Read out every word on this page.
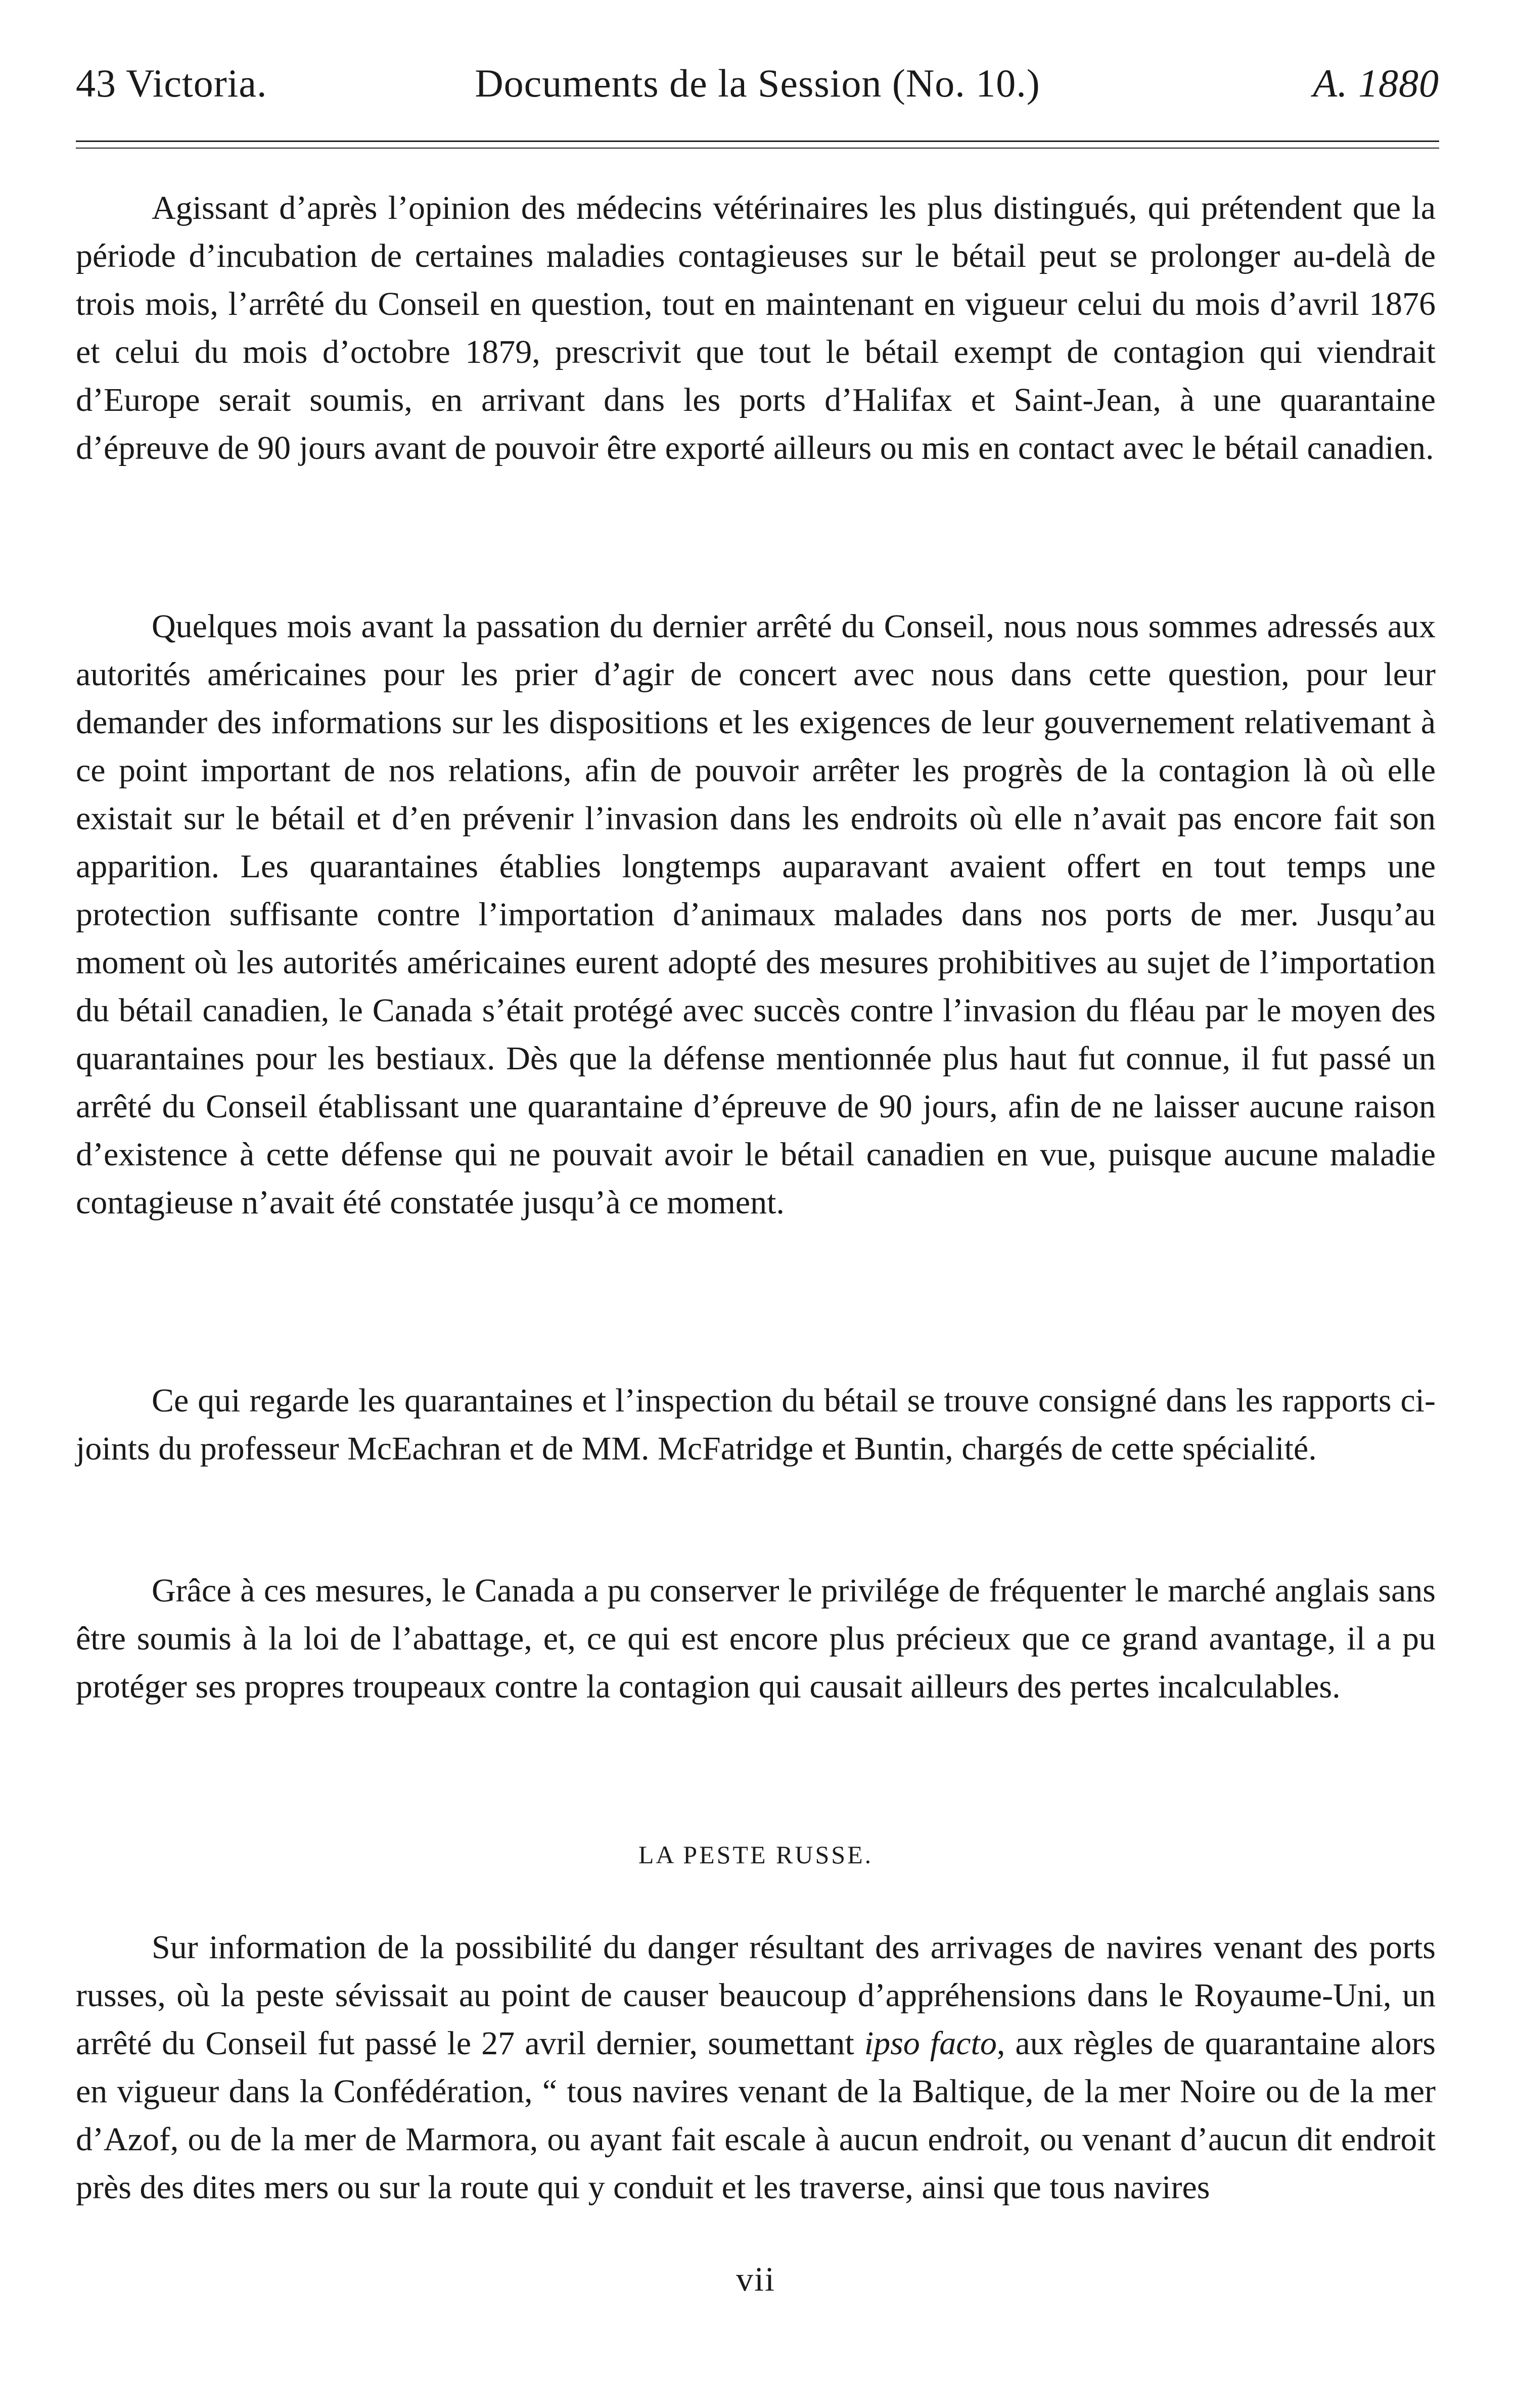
43 Victoria.	Documents de la Session (No. 10.)	A. 1880

Agissant d’après l’opinion des médecins vétérinaires les plus distingués, qui prétendent que la période d’incubation de certaines maladies contagieuses sur le bétail peut se prolonger au-delà de trois mois, l’arrêté du Conseil en question, tout en maintenant en vigueur celui du mois d’avril 1876 et celui du mois d’octobre 1879, prescrivit que tout le bétail exempt de contagion qui viendrait d’Europe serait soumis, en arrivant dans les ports d’Halifax et Saint-Jean, à une quarantaine d’épreuve de 90 jours avant de pouvoir être exporté ailleurs ou mis en contact avec le bétail canadien.

Quelques mois avant la passation du dernier arrêté du Conseil, nous nous sommes adressés aux autorités américaines pour les prier d’agir de concert avec nous dans cette question, pour leur demander des informations sur les dispositions et les exigences de leur gouvernement relativemant à ce point important de nos relations, afin de pouvoir arrêter les progrès de la contagion là où elle existait sur le bétail et d’en prévenir l’invasion dans les endroits où elle n’avait pas encore fait son apparition. Les quarantaines établies longtemps auparavant avaient offert en tout temps une protection suffisante contre l’importation d’animaux malades dans nos ports de mer. Jusqu’au moment où les autorités américaines eurent adopté des mesures prohibitives au sujet de l’importation du bétail canadien, le Canada s’était protégé avec succès contre l’invasion du fléau par le moyen des quarantaines pour les bestiaux. Dès que la défense mentionnée plus haut fut connue, il fut passé un arrêté du Conseil établissant une quarantaine d’épreuve de 90 jours, afin de ne laisser aucune raison d’existence à cette défense qui ne pouvait avoir le bétail canadien en vue, puisque aucune maladie contagieuse n’avait été constatée jusqu’à ce moment.

Ce qui regarde les quarantaines et l’inspection du bétail se trouve consigné dans les rapports ci-joints du professeur McEachran et de MM. McFatridge et Buntin, chargés de cette spécialité.

Grâce à ces mesures, le Canada a pu conserver le privilége de fréquenter le marché anglais sans être soumis à la loi de l’abattage, et, ce qui est encore plus précieux que ce grand avantage, il a pu protéger ses propres troupeaux contre la contagion qui causait ailleurs des pertes incalculables.

LA PESTE RUSSE.

Sur information de la possibilité du danger résultant des arrivages de navires venant des ports russes, où la peste sévissait au point de causer beaucoup d’appréhensions dans le Royaume-Uni, un arrêté du Conseil fut passé le 27 avril dernier, soumettant ipso facto, aux règles de quarantaine alors en vigueur dans la Confédération, “ tous navires venant de la Baltique, de la mer Noire ou de la mer d’Azof, ou de la mer de Marmora, ou ayant fait escale à aucun endroit, ou venant d’aucun dit endroit près des dites mers ou sur la route qui y conduit et les traverse, ainsi que tous navires

vii
